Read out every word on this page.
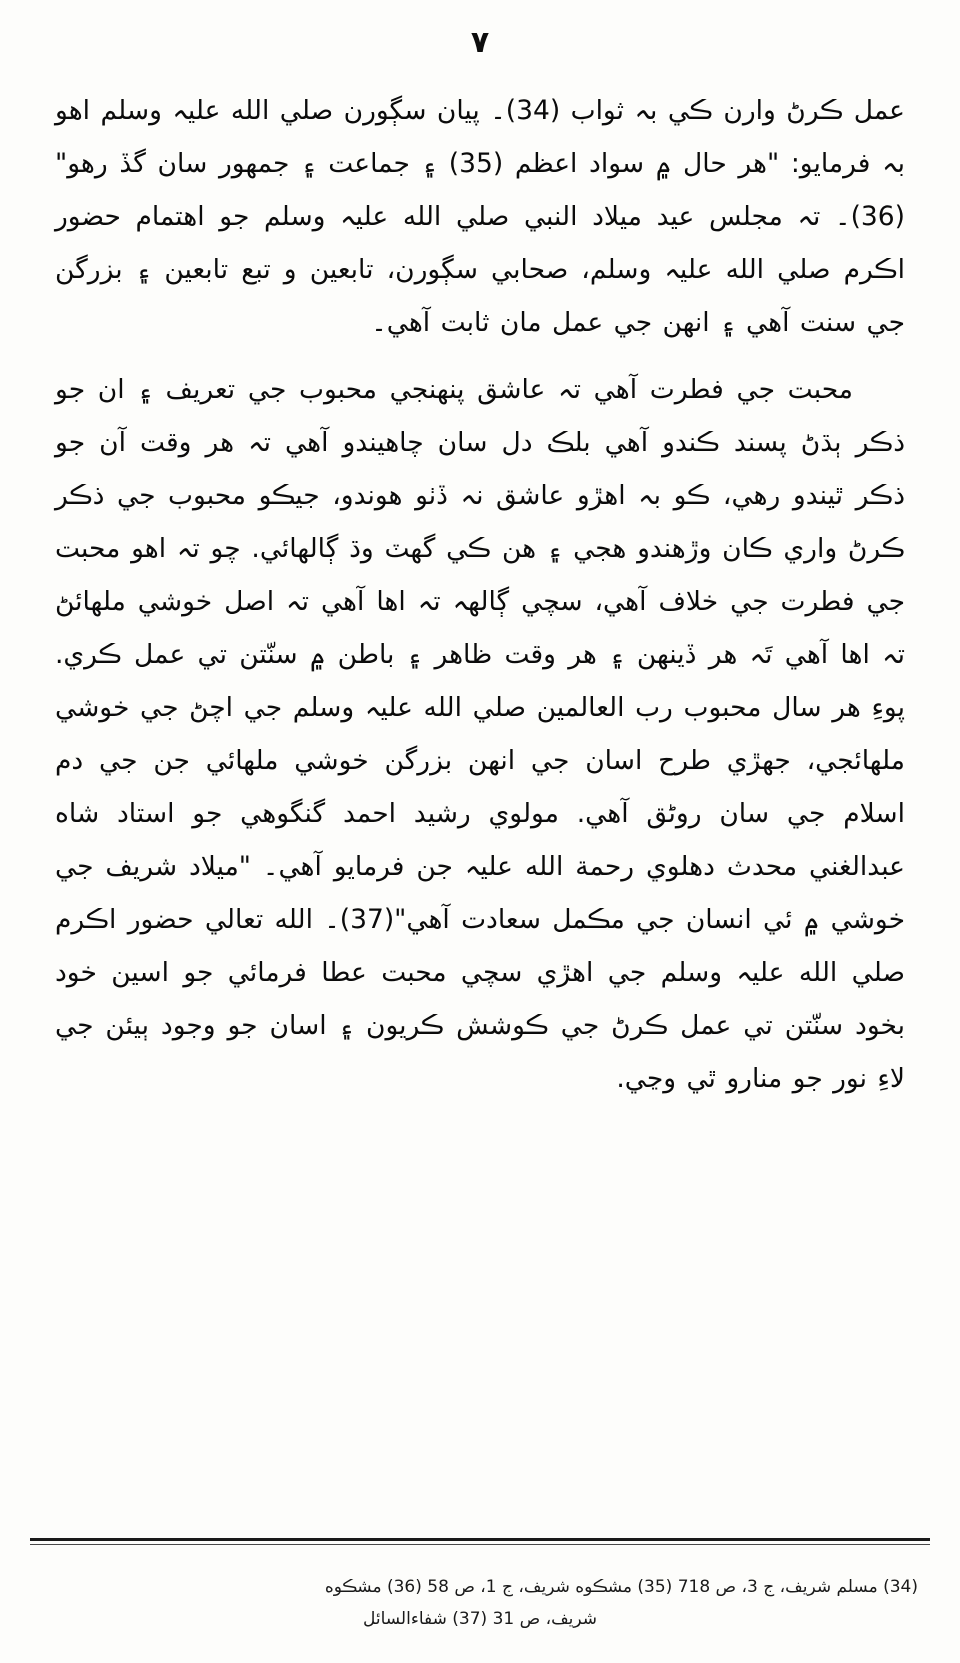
٧

عمل ڪرڻ وارن ڪي بہ ثواب (34)۔ پيان سڳورن صلي الله عليہ وسلم اهو بہ فرمايو: "هر حال ۾ سواد اعظم (35) ۽ جماعت ۽ جمهور سان گڏ رهو"(36)۔ تہ مجلس عيد ميلاد النبي صلي الله عليہ وسلم جو اهتمام حضور اڪرم صلي الله عليہ وسلم، صحابي سڳورن، تابعين و تبع تابعين ۽ بزرگن جي سنت آهي ۽ انهن جي عمل مان ثابت آهي۔

محبت جي فطرت آهي تہ عاشق پنهنجي محبوب جي تعريف ۽ ان جو ذڪر ٻڌڻ پسند ڪندو آهي بلڪ دل سان چاهيندو آهي تہ هر وقت آن جو ذڪر ٿيندو رهي، ڪو بہ اهڙو عاشق نہ ڏٺو هوندو، جيڪو محبوب جي ذڪر ڪرڻ واري ڪان وڙهندو هجي ۽ هن ڪي گهٽ وڌ ڳالهائي. چو تہ اهو محبت جي فطرت جي خلاف آهي، سچي ڳالهہ تہ اها آهي تہ اصل خوشي ملهائڻ تہ اها آهي تَہ هر ڏينهن ۽ هر وقت ظاهر ۽ باطن ۾ سنّتن تي عمل ڪري. پوءِ هر سال محبوب رب العالمين صلي الله عليہ وسلم جي اچڻ جي خوشي ملهائجي، جهڙي طرح اسان جي انهن بزرگن خوشي ملهائي جن جي دم اسلام جي سان روڻق آهي. مولوي رشيد احمد گنگوهي جو استاد شاه عبدالغني محدث دهلوي رحمة الله عليہ جن فرمايو آهي۔ "ميلاد شريف جي خوشي ۾ ئي انسان جي مڪمل سعادت آهي"(37)۔ الله تعالي حضور اڪرم صلي الله عليہ وسلم جي اهڙي سچي محبت عطا فرمائي جو اسين خود بخود سنّتن تي عمل ڪرڻ جي ڪوشش ڪريون ۽ اسان جو وجود ٻيئن جي لاءِ نور جو منارو ٿي وڃي.

(34) مسلم شريف، ج 3، ص 718 (35) مشڪوه شريف، ج 1، ص 58 (36) مشڪوه

شريف، ص 31 (37) شفاءالسائل
